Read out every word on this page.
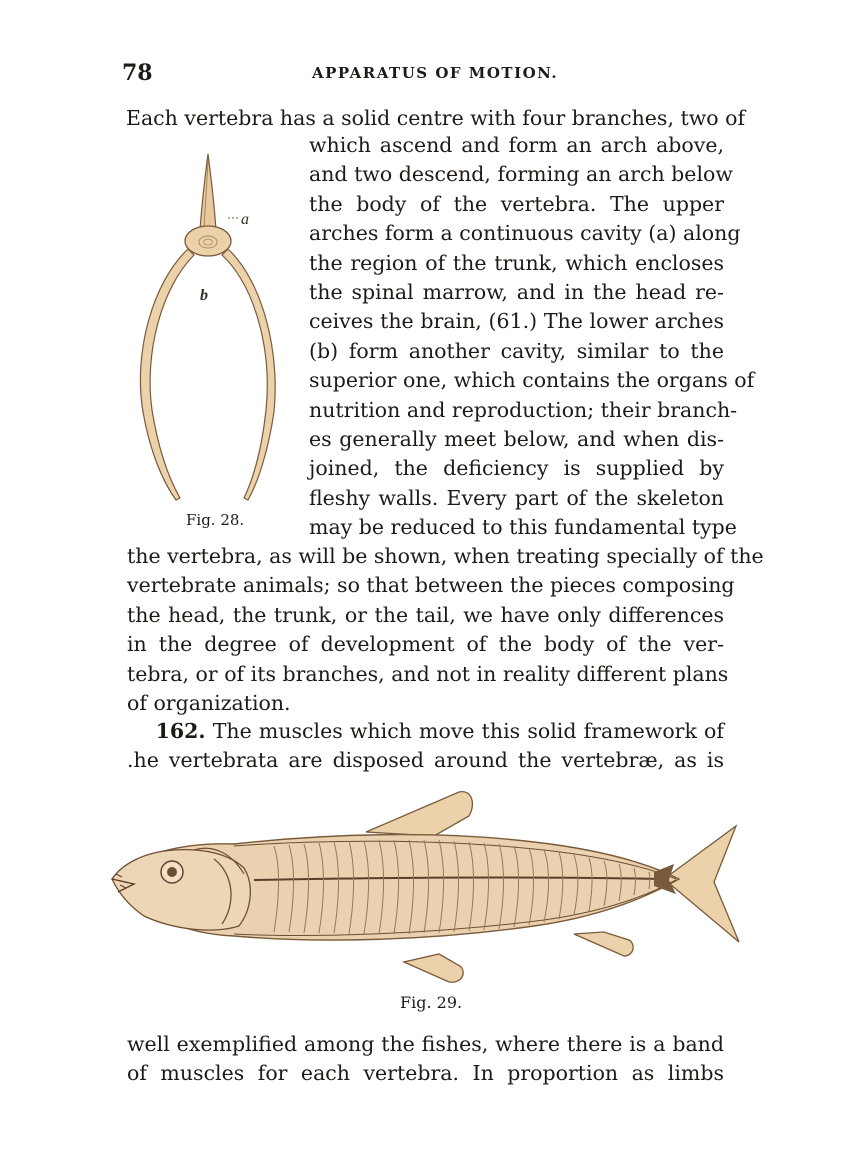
78	APPARATUS OF MOTION.
Each vertebra has a solid centre with four branches, two of
which ascend and form an arch above,
and two descend, forming an arch below
the body of the vertebra. The upper
arches form a continuous cavity (a) along
the region of the trunk, which encloses
the spinal marrow, and in the head re-
ceives the brain, (61.) The lower arches
(b) form another cavity, similar to the
superior one, which contains the organs of
nutrition and reproduction; their branch-
es generally meet below, and when dis-
joined, the deficiency is supplied by
fleshy walls. Every part of the skeleton
may be reduced to this fundamental type
a
b
Fig. 28.
the vertebra, as will be shown, when treating specially of the
vertebrate animals; so that between the pieces composing
the head, the trunk, or the tail, we have only differences
in the degree of development of the body of the ver-
tebra, or of its branches, and not in reality different plans
of organization.
162. The muscles which move this solid framework of
.he vertebrata are disposed around the vertebræ, as is
Fig. 29.
well exemplified among the fishes, where there is a band
of muscles for each vertebra. In proportion as limbs
